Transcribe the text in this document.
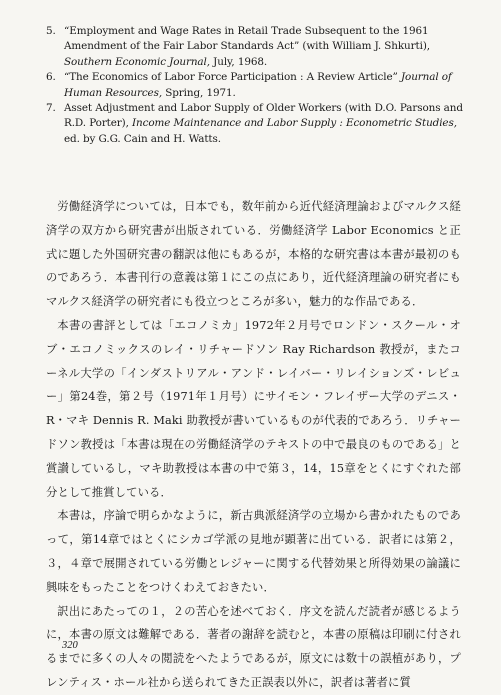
5. “Employment and Wage Rates in Retail Trade Subsequent to the 1961 Amendment of the Fair Labor Standards Act” (with William J. Shkurti), Southern Economic Journal, July, 1968.

6. “The Economics of Labor Force Participation : A Review Article” Journal of Human Resources, Spring, 1971.

7. Asset Adjustment and Labor Supply of Older Workers (with D.O. Parsons and R.D. Porter), Income Maintenance and Labor Supply : Econometric Studies, ed. by G.G. Cain and H. Watts.

労働経済学については，日本でも，数年前から近代経済理論およびマルクス経済学の双方から研究書が出版されている．労働経済学 Labor Economics と正式に題した外国研究書の翻訳は他にもあるが，本格的な研究書は本書が最初のものであろう．本書刊行の意義は第１にこの点にあり，近代経済理論の研究者にもマルクス経済学の研究者にも役立つところが多い，魅力的な作品である．

本書の書評としては「エコノミカ」1972年２月号でロンドン・スクール・オブ・エコノミックスのレイ・リチャードソン Ray Richardson 教授が，またコーネル大学の「インダストリアル・アンド・レイバー・リレイションズ・レビュー」第24巻，第２号（1971年１月号）にサイモン・フレイザー大学のデニス・R・マキ Dennis R. Maki 助教授が書いているものが代表的であろう．リチャードソン教授は「本書は現在の労働経済学のテキストの中で最良のものである」と賞讃しているし，マキ助教授は本書の中で第３，14，15章をとくにすぐれた部分として推賞している．

本書は，序論で明らかなように，新古典派経済学の立場から書かれたものであって，第14章ではとくにシカゴ学派の見地が顕著に出ている．訳者には第２，３，４章で展開されている労働とレジャーに関する代替効果と所得効果の論議に興味をもったことをつけくわえておきたい．

訳出にあたっての１，２の苦心を述べておく．序文を読んだ読者が感じるように，本書の原文は難解である．著者の謝辞を読むと，本書の原稿は印刷に付されるまでに多くの人々の閲読をへたようであるが，原文には数十の誤植があり，プレンティス・ホール社から送られてきた正誤表以外に，訳者は著者に質

320
